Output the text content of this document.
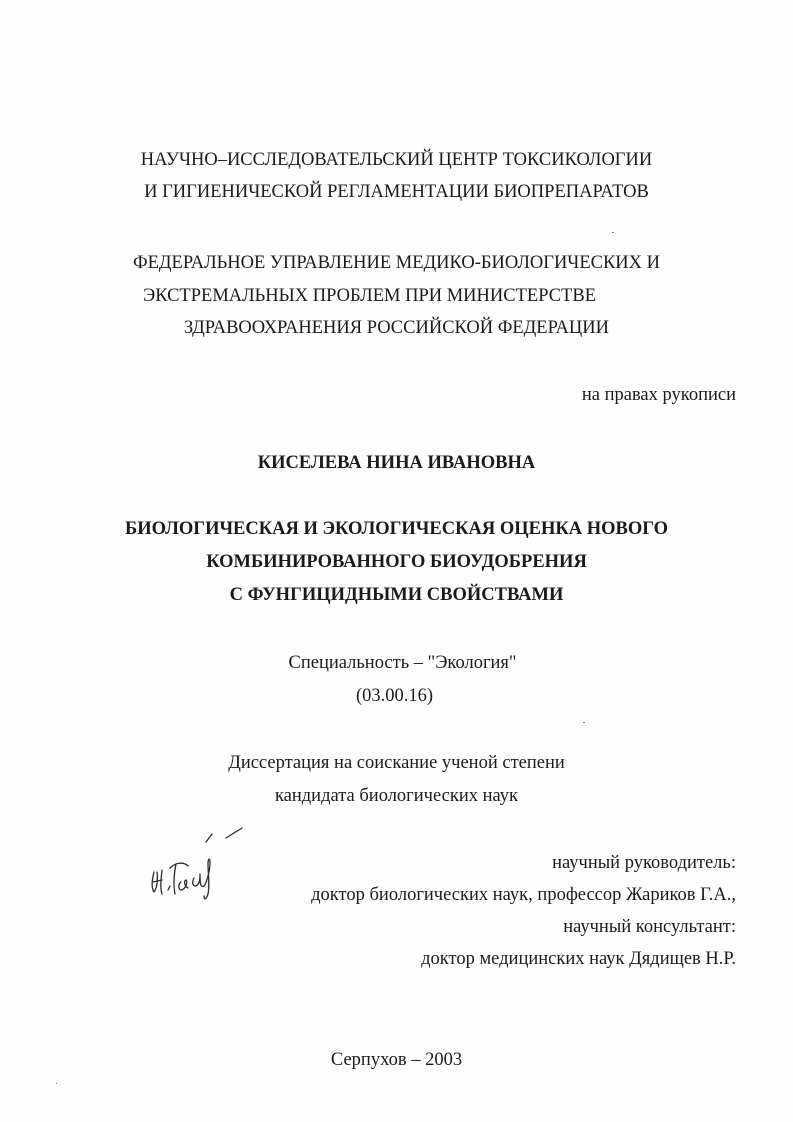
НАУЧНО–ИССЛЕДОВАТЕЛЬСКИЙ ЦЕНТР ТОКСИКОЛОГИИ
И ГИГИЕНИЧЕСКОЙ РЕГЛАМЕНТАЦИИ БИОПРЕПАРАТОВ
ФЕДЕРАЛЬНОЕ УПРАВЛЕНИЕ МЕДИКО-БИОЛОГИЧЕСКИХ И
ЭКСТРЕМАЛЬНЫХ ПРОБЛЕМ ПРИ МИНИСТЕРСТВЕ
ЗДРАВООХРАНЕНИЯ РОССИЙСКОЙ ФЕДЕРАЦИИ
на правах рукописи
КИСЕЛЕВА НИНА ИВАНОВНА
БИОЛОГИЧЕСКАЯ И ЭКОЛОГИЧЕСКАЯ ОЦЕНКА НОВОГО
КОМБИНИРОВАННОГО БИОУДОБРЕНИЯ
С ФУНГИЦИДНЫМИ СВОЙСТВАМИ
Специальность – "Экология"
(03.00.16)
Диссертация на соискание ученой степени
кандидата биологических наук
научный руководитель:
доктор биологических наук, профессор Жариков Г.А.,
научный консультант:
доктор медицинских наук Дядищев Н.Р.
Серпухов – 2003
